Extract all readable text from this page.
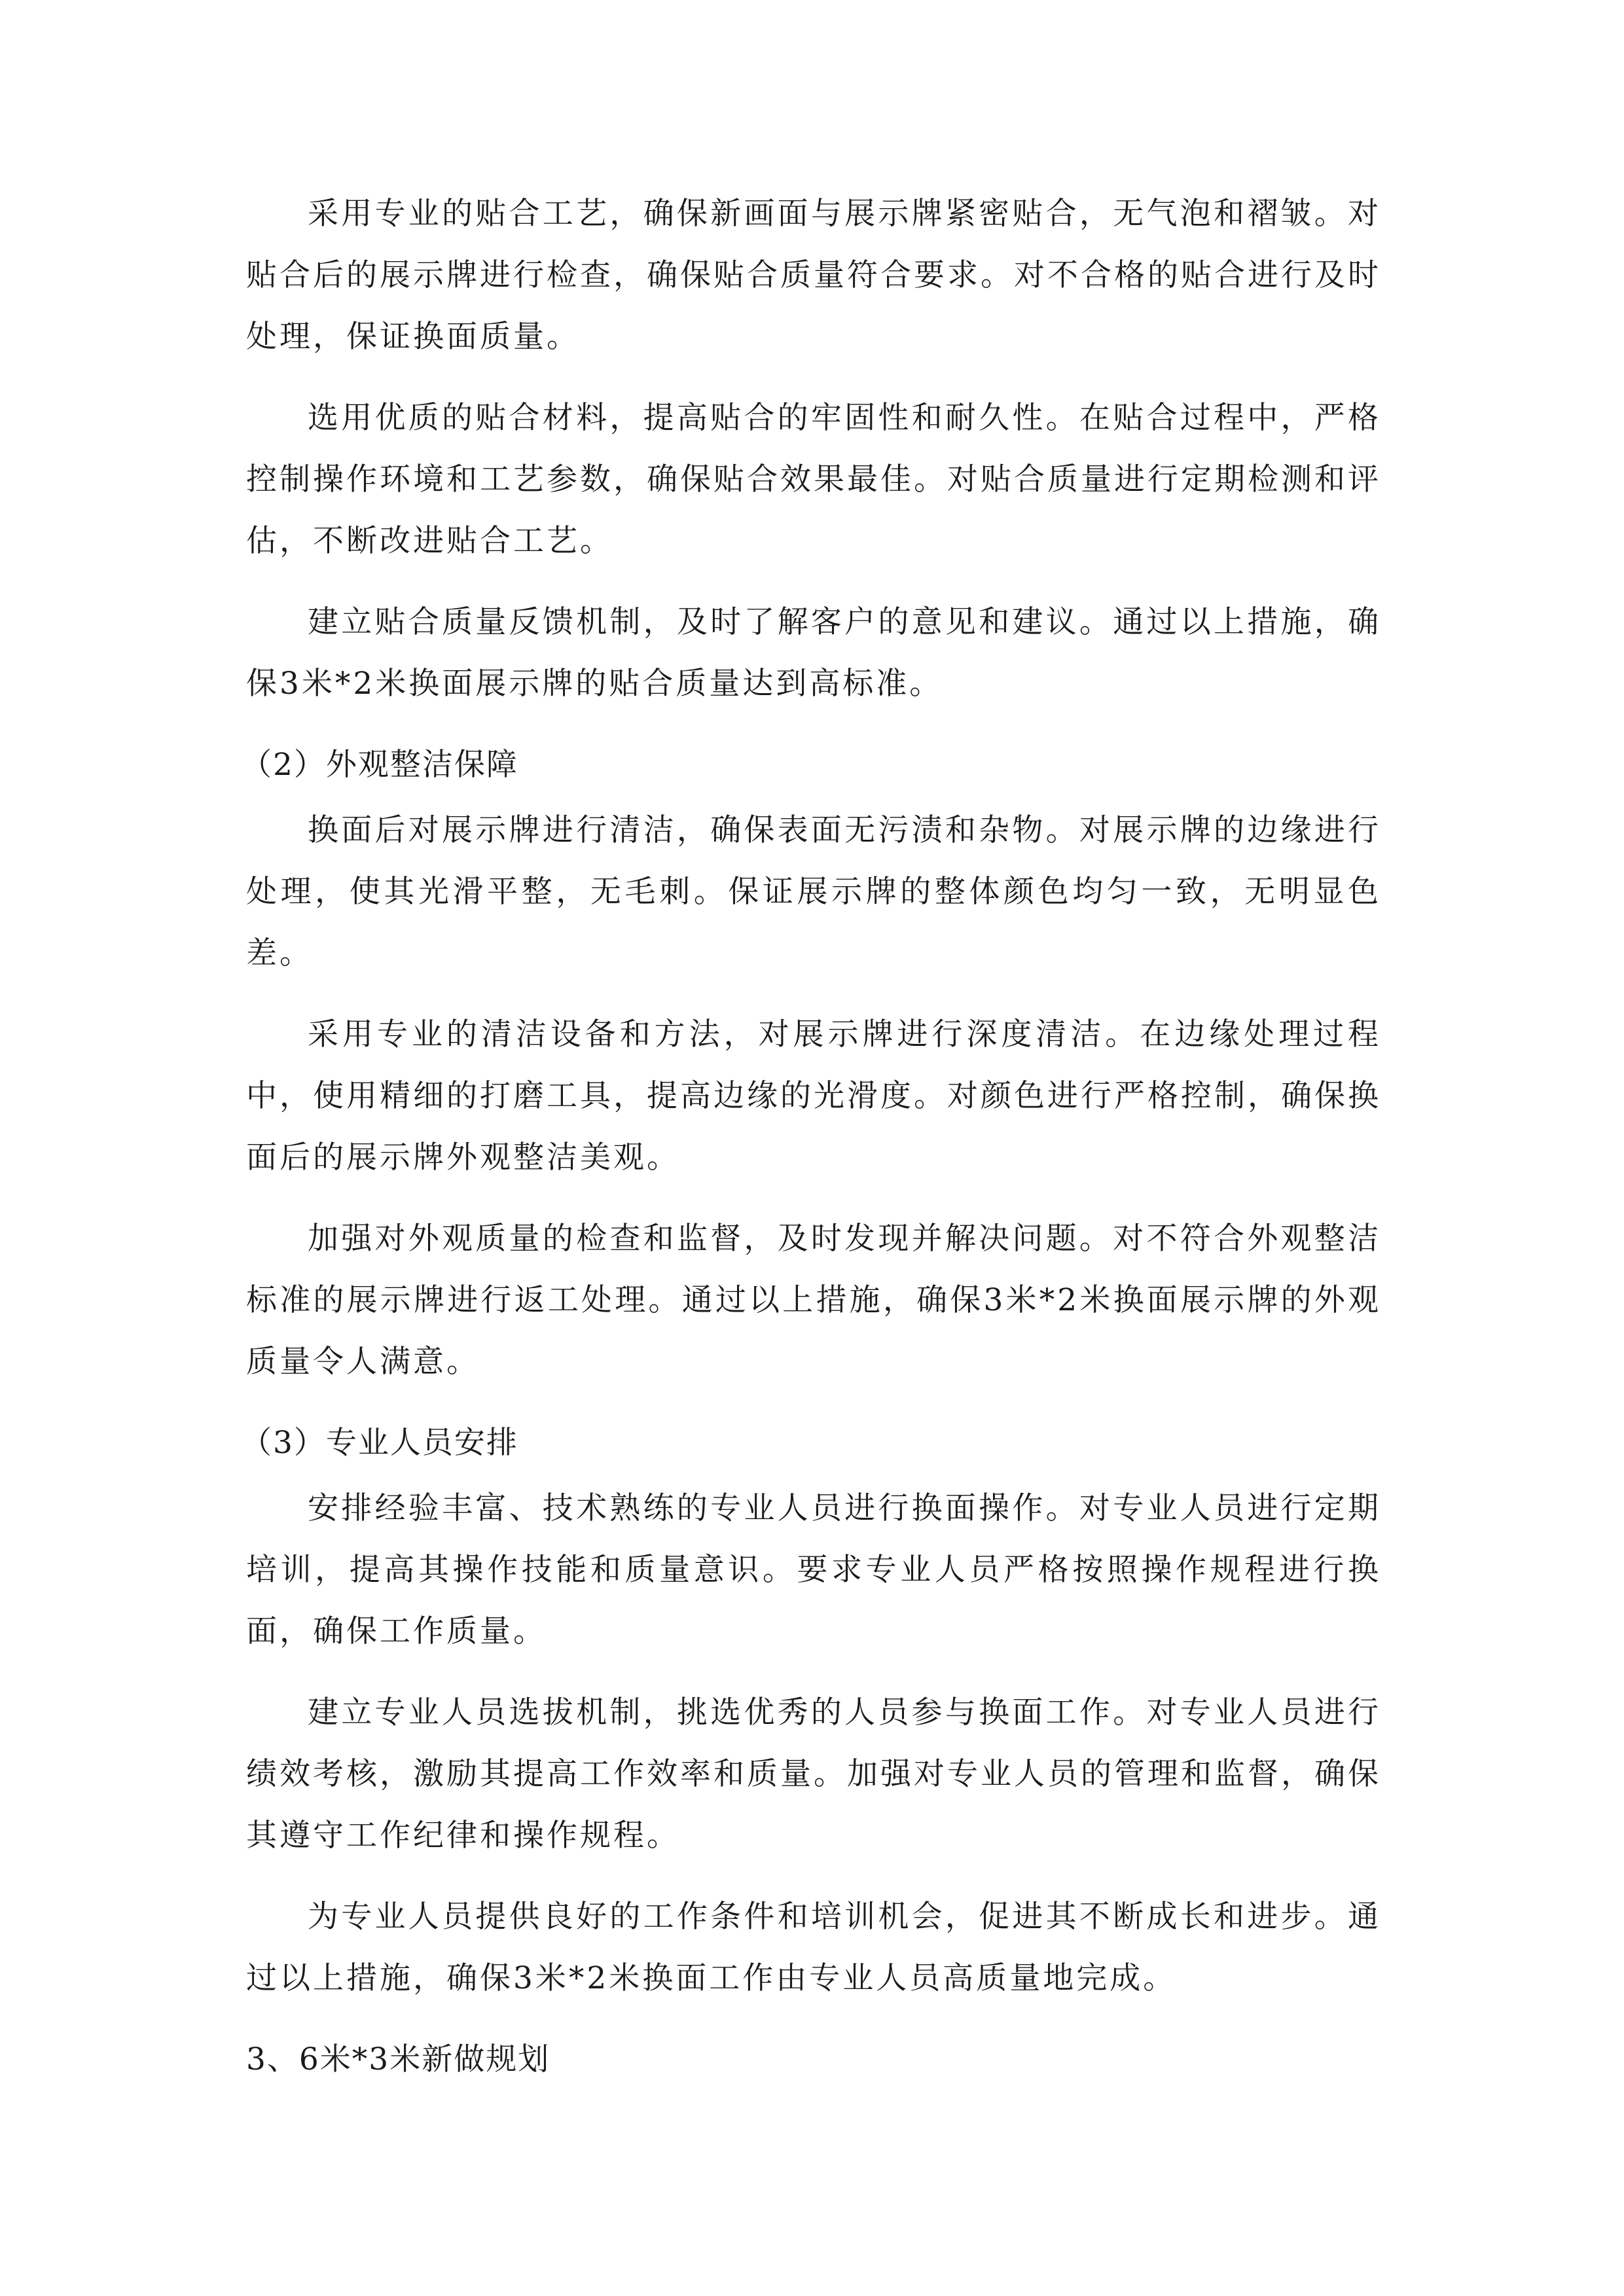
采用专业的贴合工艺，确保新画面与展示牌紧密贴合，无气泡和褶皱。对贴合后的展示牌进行检查，确保贴合质量符合要求。对不合格的贴合进行及时处理，保证换面质量。

选用优质的贴合材料，提高贴合的牢固性和耐久性。在贴合过程中，严格控制操作环境和工艺参数，确保贴合效果最佳。对贴合质量进行定期检测和评估，不断改进贴合工艺。

建立贴合质量反馈机制，及时了解客户的意见和建议。通过以上措施，确保3米*2米换面展示牌的贴合质量达到高标准。

（2）外观整洁保障

换面后对展示牌进行清洁，确保表面无污渍和杂物。对展示牌的边缘进行处理，使其光滑平整，无毛刺。保证展示牌的整体颜色均匀一致，无明显色差。

采用专业的清洁设备和方法，对展示牌进行深度清洁。在边缘处理过程中，使用精细的打磨工具，提高边缘的光滑度。对颜色进行严格控制，确保换面后的展示牌外观整洁美观。

加强对外观质量的检查和监督，及时发现并解决问题。对不符合外观整洁标准的展示牌进行返工处理。通过以上措施，确保3米*2米换面展示牌的外观质量令人满意。

（3）专业人员安排

安排经验丰富、技术熟练的专业人员进行换面操作。对专业人员进行定期培训，提高其操作技能和质量意识。要求专业人员严格按照操作规程进行换面，确保工作质量。

建立专业人员选拔机制，挑选优秀的人员参与换面工作。对专业人员进行绩效考核，激励其提高工作效率和质量。加强对专业人员的管理和监督，确保其遵守工作纪律和操作规程。

为专业人员提供良好的工作条件和培训机会，促进其不断成长和进步。通过以上措施，确保3米*2米换面工作由专业人员高质量地完成。

3、6米*3米新做规划
